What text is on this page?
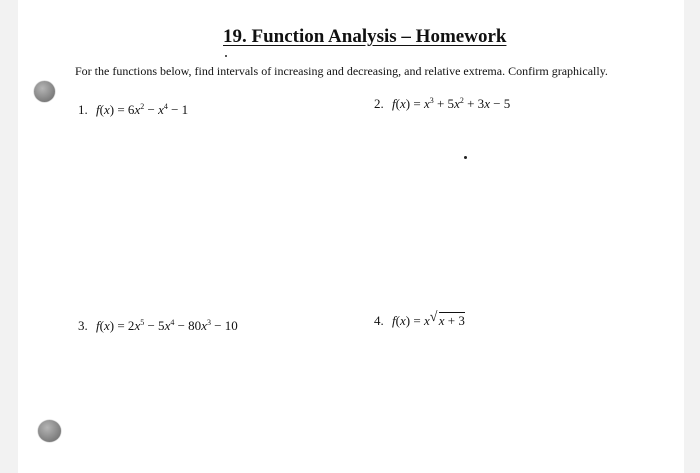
19. Function Analysis – Homework
For the functions below, find intervals of increasing and decreasing, and relative extrema. Confirm graphically.
1. $f(x) = 6x^2 - x^4 - 1$	2. $f(x) = x^3 + 5x^2 + 3x - 5$
3. $f(x) = 2x^5 - 5x^4 - 80x^3 - 10$	4. f(x) = x √ x + 3
